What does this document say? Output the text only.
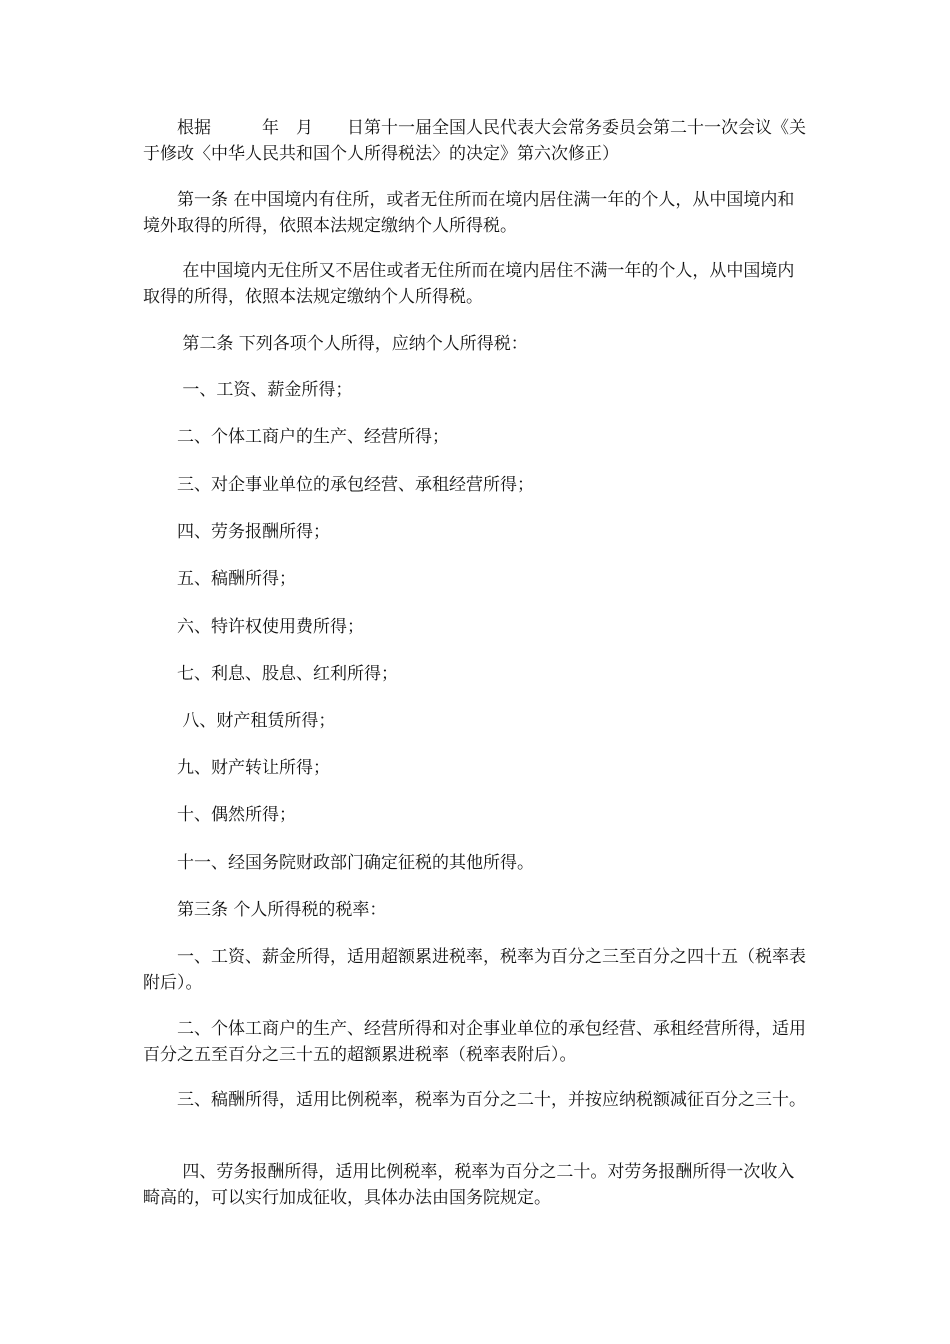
　　根据　　　年　月　　日第十一届全国人民代表大会常务委员会第二十一次会议《关于修改〈中华人民共和国个人所得税法〉的决定》第六次修正）

　　第一条 在中国境内有住所，或者无住所而在境内居住满一年的个人，从中国境内和境外取得的所得，依照本法规定缴纳个人所得税。

　　 在中国境内无住所又不居住或者无住所而在境内居住不满一年的个人，从中国境内取得的所得，依照本法规定缴纳个人所得税。

　　 第二条 下列各项个人所得，应纳个人所得税：

　　 一、工资、薪金所得；

　　二、个体工商户的生产、经营所得；

　　三、对企事业单位的承包经营、承租经营所得；

　　四、劳务报酬所得；

　　五、稿酬所得；

　　六、特许权使用费所得；

　　七、利息、股息、红利所得；

　　 八、财产租赁所得；

　　九、财产转让所得；

　　十、偶然所得；

　　十一、经国务院财政部门确定征税的其他所得。

　　第三条 个人所得税的税率：

　　一、工资、薪金所得，适用超额累进税率，税率为百分之三至百分之四十五（税率表附后）。

　　二、个体工商户的生产、经营所得和对企事业单位的承包经营、承租经营所得，适用百分之五至百分之三十五的超额累进税率（税率表附后）。

　　三、稿酬所得，适用比例税率，税率为百分之二十，并按应纳税额减征百分之三十。

　　 四、劳务报酬所得，适用比例税率，税率为百分之二十。对劳务报酬所得一次收入畸高的，可以实行加成征收，具体办法由国务院规定。
